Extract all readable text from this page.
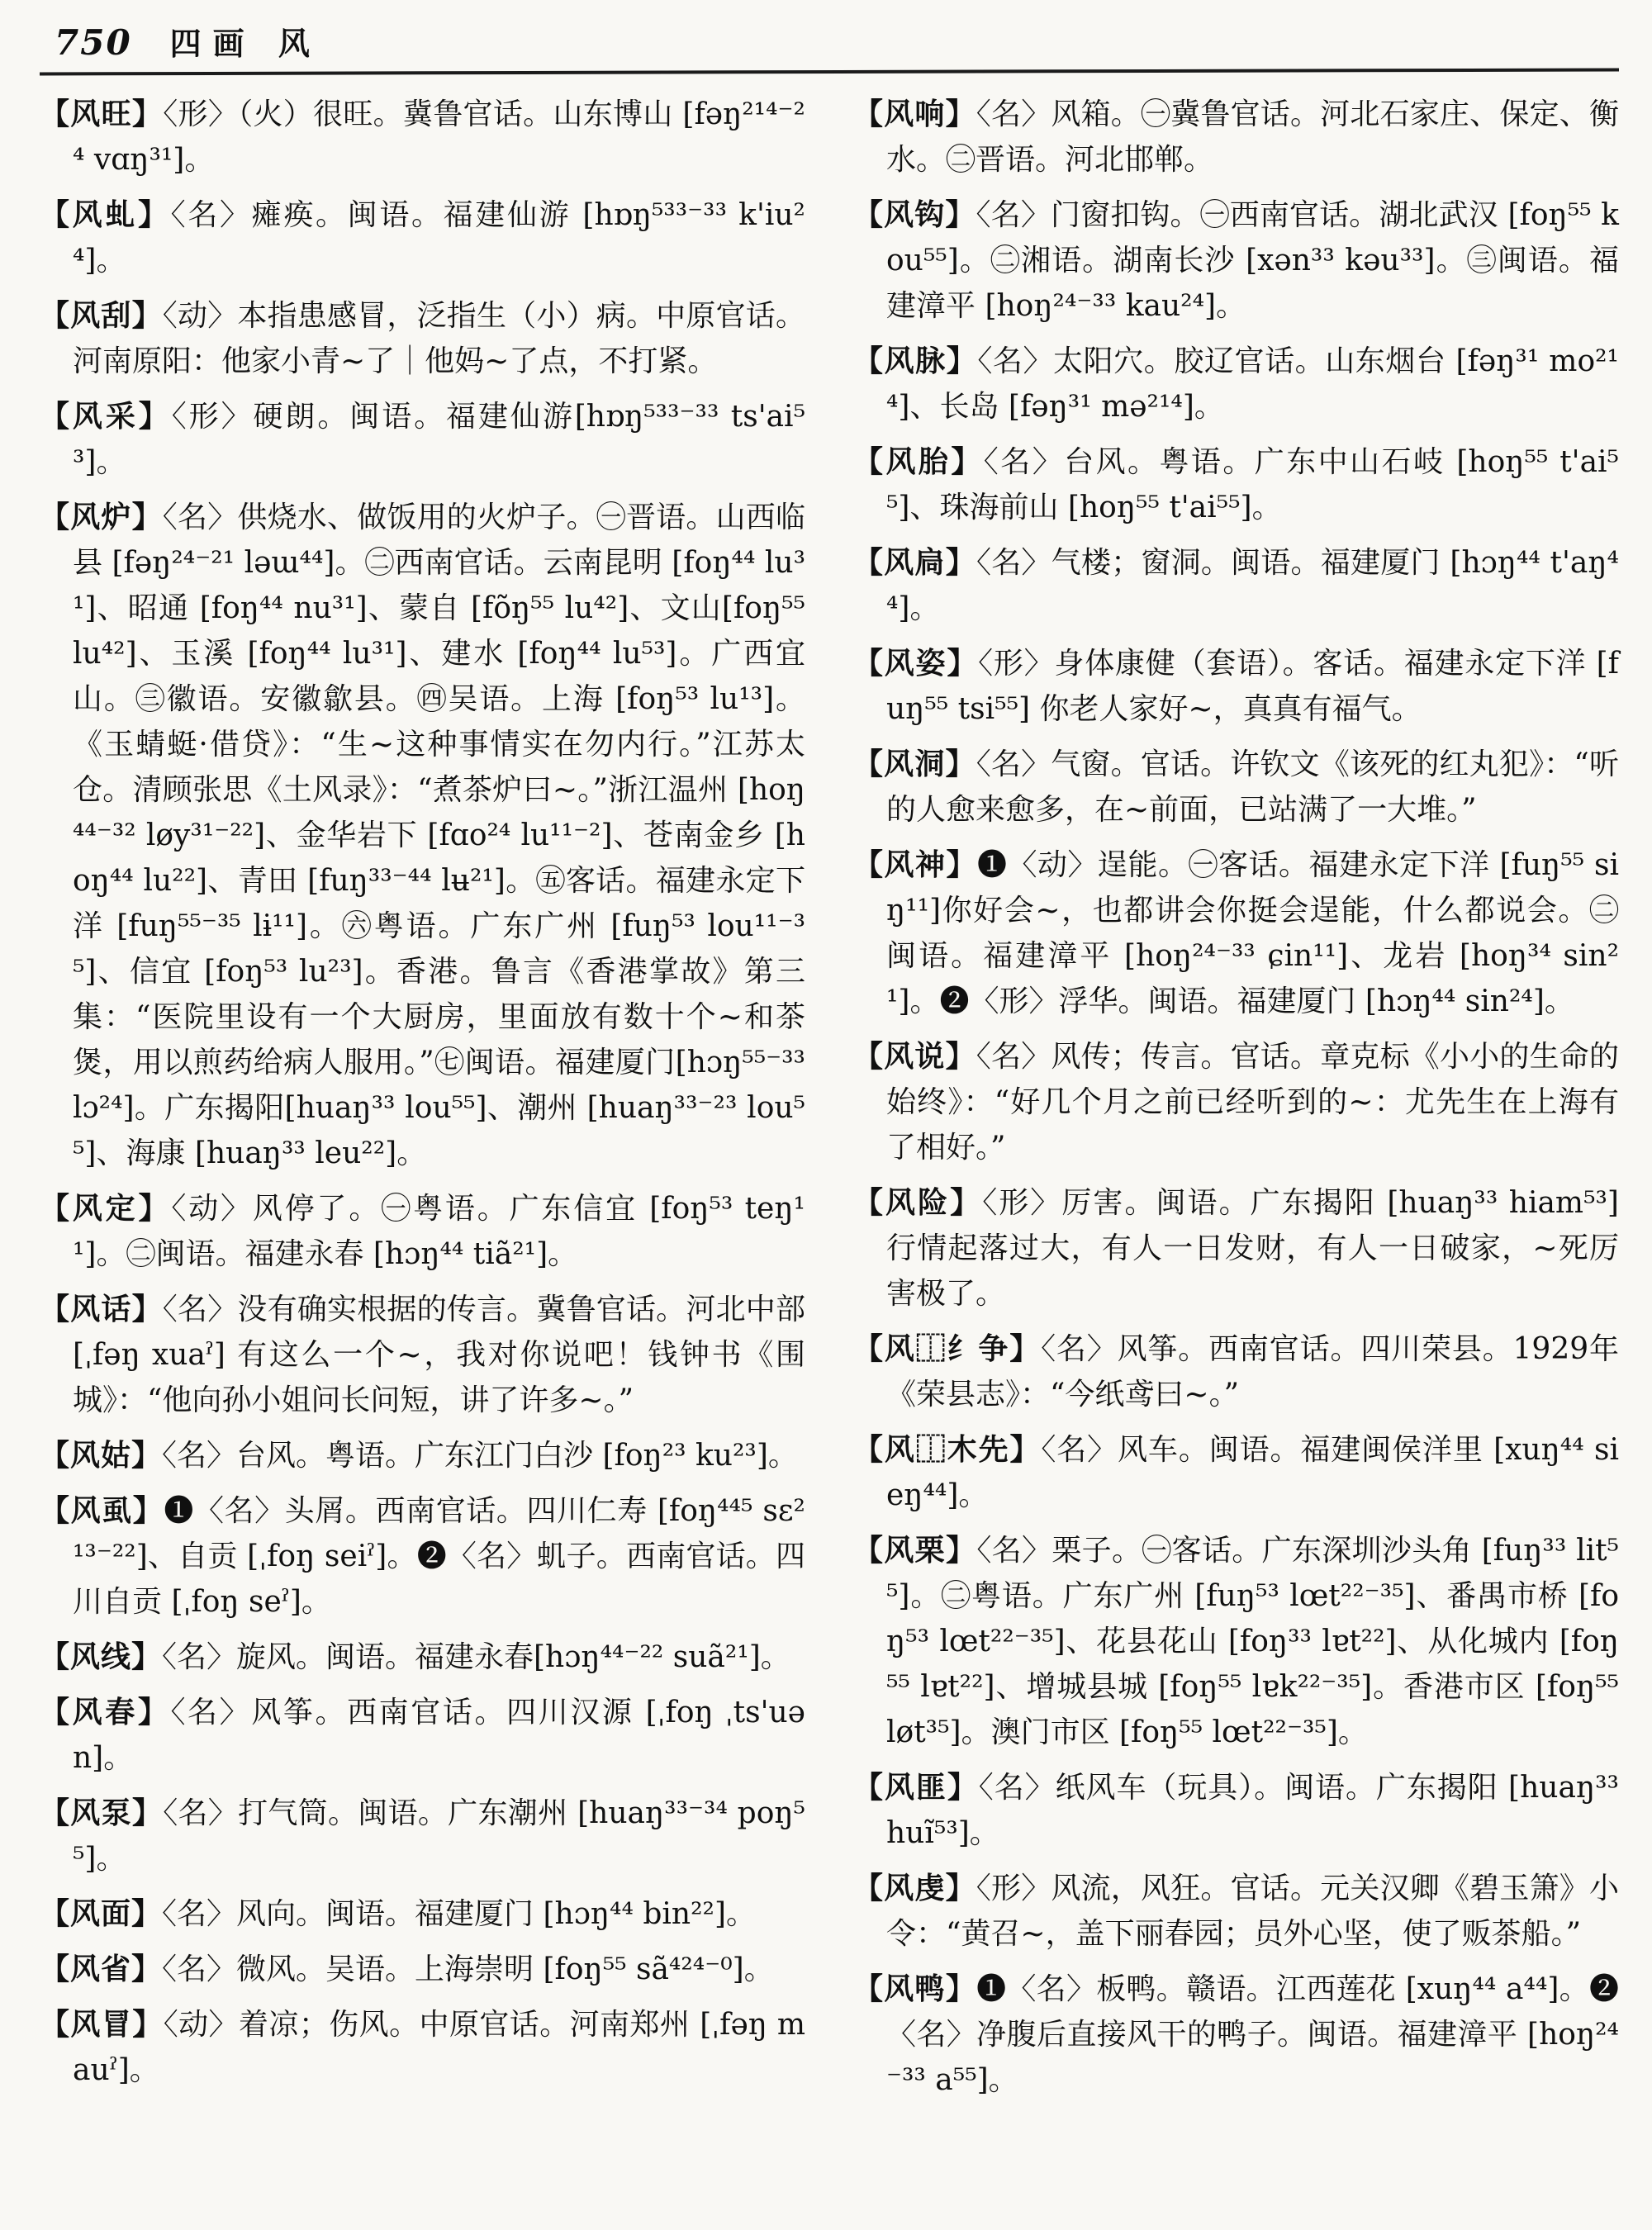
750 四画 风
【风旺】〈形〉（火）很旺。冀鲁官话。山东博山 [fəŋ²¹⁴⁻²⁴ vɑŋ³¹]。
【风虬】〈名〉瘫痪。闽语。福建仙游 [hɒŋ⁵³³⁻³³ k'iu²⁴]。
【风刮】〈动〉本指患感冒，泛指生（小）病。中原官话。河南原阳：他家小青~了｜他妈~了点，不打紧。
【风采】〈形〉硬朗。闽语。福建仙游[hɒŋ⁵³³⁻³³ ts'ai⁵³]。
【风炉】〈名〉供烧水、做饭用的火炉子。㊀晋语。山西临县 [fəŋ²⁴⁻²¹ ləɯ⁴⁴]。㊁西南官话。云南昆明 [foŋ⁴⁴ lu³¹]、昭通 [foŋ⁴⁴ nu³¹]、蒙自 [fõŋ⁵⁵ lu⁴²]、文山[foŋ⁵⁵ lu⁴²]、玉溪 [foŋ⁴⁴ lu³¹]、建水 [foŋ⁴⁴ lu⁵³]。广西宜山。㊂徽语。安徽歙县。㊃吴语。上海 [foŋ⁵³ lu¹³]。《玉蜻蜓·借贷》：“生~这种事情实在勿内行。”江苏太仓。清顾张思《土风录》：“煮茶炉曰~。”浙江温州 [hoŋ⁴⁴⁻³² løy³¹⁻²²]、金华岩下 [fɑo²⁴ lu¹¹⁻²]、苍南金乡 [hoŋ⁴⁴ lu²²]、青田 [fuŋ³³⁻⁴⁴ lʉ²¹]。㊄客话。福建永定下洋 [fuŋ⁵⁵⁻³⁵ lɨ¹¹]。㊅粤语。广东广州 [fuŋ⁵³ lou¹¹⁻³⁵]、信宜 [foŋ⁵³ lu²³]。香港。鲁言《香港掌故》第三集：“医院里设有一个大厨房，里面放有数十个~和茶煲，用以煎药给病人服用。”㊆闽语。福建厦门[hɔŋ⁵⁵⁻³³ lɔ²⁴]。广东揭阳[huaŋ³³ lou⁵⁵]、潮州 [huaŋ³³⁻²³ lou⁵⁵]、海康 [huaŋ³³ leu²²]。
【风定】〈动〉风停了。㊀粤语。广东信宜 [foŋ⁵³ teŋ¹¹]。㊁闽语。福建永春 [hɔŋ⁴⁴ tiã²¹]。
【风话】〈名〉没有确实根据的传言。冀鲁官话。河北中部 [ˌfəŋ xuaˀ] 有这么一个~，我对你说吧！钱钟书《围城》：“他向孙小姐问长问短，讲了许多~。”
【风姑】〈名〉台风。粤语。广东江门白沙 [foŋ²³ ku²³]。
【风虱】❶〈名〉头屑。西南官话。四川仁寿 [foŋ⁴⁴⁵ sɛ²¹³⁻²²]、自贡 [ˌfoŋ seiˀ]。❷〈名〉虮子。西南官话。四川自贡 [ˌfoŋ seˀ]。
【风线】〈名〉旋风。闽语。福建永春[hɔŋ⁴⁴⁻²² suã²¹]。
【风春】〈名〉风筝。西南官话。四川汉源 [ˌfoŋ ˌts'uən]。
【风泵】〈名〉打气筒。闽语。广东潮州 [huaŋ³³⁻³⁴ poŋ⁵⁵]。
【风面】〈名〉风向。闽语。福建厦门 [hɔŋ⁴⁴ bin²²]。
【风省】〈名〉微风。吴语。上海崇明 [foŋ⁵⁵ sã⁴²⁴⁻⁰]。
【风冒】〈动〉着凉；伤风。中原官话。河南郑州 [ˌfəŋ mauˀ]。
【风响】〈名〉风箱。㊀冀鲁官话。河北石家庄、保定、衡水。㊁晋语。河北邯郸。
【风钩】〈名〉门窗扣钩。㊀西南官话。湖北武汉 [foŋ⁵⁵ kou⁵⁵]。㊁湘语。湖南长沙 [xən³³ kəu³³]。㊂闽语。福建漳平 [hoŋ²⁴⁻³³ kau²⁴]。
【风脉】〈名〉太阳穴。胶辽官话。山东烟台 [fəŋ³¹ mo²¹⁴]、长岛 [fəŋ³¹ mə²¹⁴]。
【风胎】〈名〉台风。粤语。广东中山石岐 [hoŋ⁵⁵ t'ai⁵⁵]、珠海前山 [hoŋ⁵⁵ t'ai⁵⁵]。
【风扃】〈名〉气楼；窗洞。闽语。福建厦门 [hɔŋ⁴⁴ t'aŋ⁴⁴]。
【风姿】〈形〉身体康健（套语）。客话。福建永定下洋 [fuŋ⁵⁵ tsi⁵⁵] 你老人家好~，真真有福气。
【风洞】〈名〉气窗。官话。许钦文《该死的红丸犯》：“听的人愈来愈多，在~前面，已站满了一大堆。”
【风神】❶〈动〉逞能。㊀客话。福建永定下洋 [fuŋ⁵⁵ siŋ¹¹]你好会~，也都讲会你挺会逞能，什么都说会。㊁闽语。福建漳平 [hoŋ²⁴⁻³³ ɕin¹¹]、龙岩 [hoŋ³⁴ sin²¹]。❷〈形〉浮华。闽语。福建厦门 [hɔŋ⁴⁴ sin²⁴]。
【风说】〈名〉风传；传言。官话。章克标《小小的生命的始终》：“好几个月之前已经听到的~：尤先生在上海有了相好。”
【风险】〈形〉厉害。闽语。广东揭阳 [huaŋ³³ hiam⁵³] 行情起落过大，有人一日发财，有人一日破家，~死厉害极了。
【风⿰纟争】〈名〉风筝。西南官话。四川荣县。1929年《荣县志》：“今纸鸢曰~。”
【风⿰木先】〈名〉风车。闽语。福建闽侯洋里 [xuŋ⁴⁴ sieŋ⁴⁴]。
【风栗】〈名〉栗子。㊀客话。广东深圳沙头角 [fuŋ³³ lit⁵⁵]。㊁粤语。广东广州 [fuŋ⁵³ lœt²²⁻³⁵]、番禺市桥 [foŋ⁵³ lœt²²⁻³⁵]、花县花山 [foŋ³³ lɐt²²]、从化城内 [foŋ⁵⁵ lɐt²²]、增城县城 [foŋ⁵⁵ lɐk²²⁻³⁵]。香港市区 [foŋ⁵⁵ løt³⁵]。澳门市区 [foŋ⁵⁵ lœt²²⁻³⁵]。
【风匪】〈名〉纸风车（玩具）。闽语。广东揭阳 [huaŋ³³ huĩ⁵³]。
【风虔】〈形〉风流，风狂。官话。元关汉卿《碧玉箫》小令：“黄召~，盖下丽春园；员外心坚，使了贩茶船。”
【风鸭】❶〈名〉板鸭。赣语。江西莲花 [xuŋ⁴⁴ a⁴⁴]。❷〈名〉净腹后直接风干的鸭子。闽语。福建漳平 [hoŋ²⁴⁻³³ a⁵⁵]。
